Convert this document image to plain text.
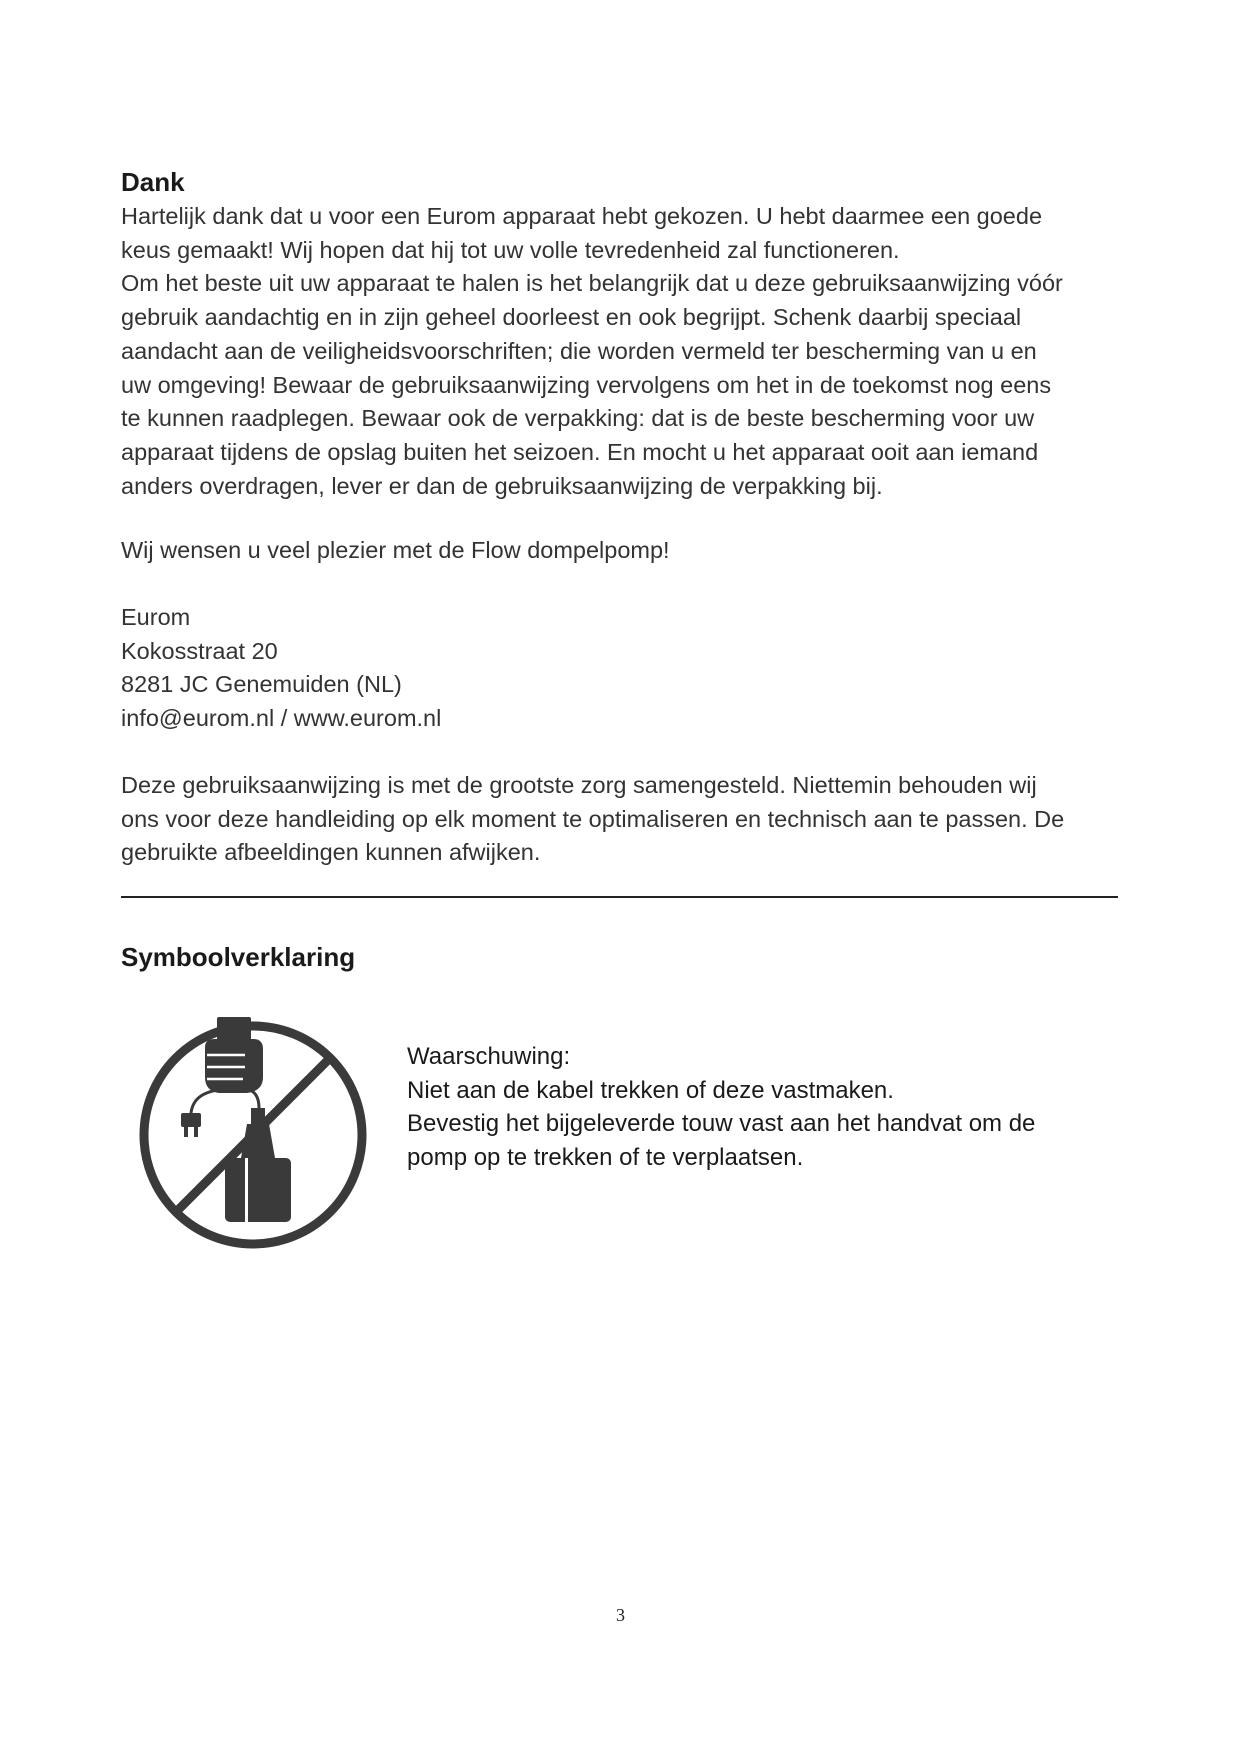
Dank

Hartelijk dank dat u voor een Eurom apparaat hebt gekozen. U hebt daarmee een goede

keus gemaakt! Wij hopen dat hij tot uw volle tevredenheid zal functioneren.

Om het beste uit uw apparaat te halen is het belangrijk dat u deze gebruiksaanwijzing vóór

gebruik aandachtig en in zijn geheel doorleest en ook begrijpt. Schenk daarbij speciaal

aandacht aan de veiligheidsvoorschriften; die worden vermeld ter bescherming van u en

uw omgeving! Bewaar de gebruiksaanwijzing vervolgens om het in de toekomst nog eens

te kunnen raadplegen. Bewaar ook de verpakking: dat is de beste bescherming voor uw

apparaat tijdens de opslag buiten het seizoen. En mocht u het apparaat ooit aan iemand

anders overdragen, lever er dan de gebruiksaanwijzing de verpakking bij.

Wij wensen u veel plezier met de Flow dompelpomp!

Eurom

Kokosstraat 20

8281 JC Genemuiden (NL)

info@eurom.nl / www.eurom.nl

Deze gebruiksaanwijzing is met de grootste zorg samengesteld. Niettemin behouden wij

ons voor deze handleiding op elk moment te optimaliseren en technisch aan te passen. De

gebruikte afbeeldingen kunnen afwijken.

Symboolverklaring

Waarschuwing:

Niet aan de kabel trekken of deze vastmaken.

Bevestig het bijgeleverde touw vast aan het handvat om de

pomp op te trekken of te verplaatsen.

3
